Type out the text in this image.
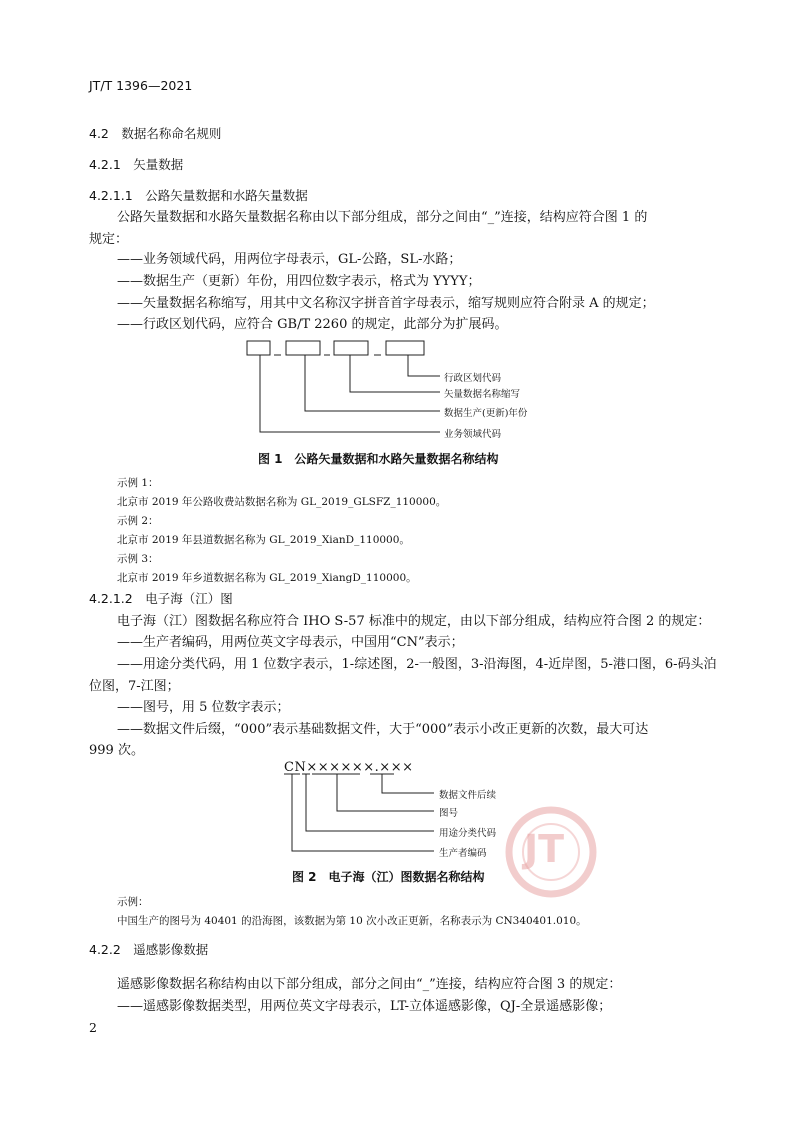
JT/T 1396—2021
4.2　数据名称命名规则
4.2.1　矢量数据
4.2.1.1　公路矢量数据和水路矢量数据
公路矢量数据和水路矢量数据名称由以下部分组成，部分之间由“_”连接，结构应符合图 1 的
规定：
——业务领域代码，用两位字母表示，GL-公路，SL-水路；
——数据生产（更新）年份，用四位数字表示，格式为 YYYY；
——矢量数据名称缩写，用其中文名称汉字拼音首字母表示，缩写规则应符合附录 A 的规定；
——行政区划代码，应符合 GB/T 2260 的规定，此部分为扩展码。
行政区划代码
矢量数据名称缩写
数据生产(更新)年份
业务领域代码
图 1　公路矢量数据和水路矢量数据名称结构
示例 1：
北京市 2019 年公路收费站数据名称为 GL_2019_GLSFZ_110000。
示例 2：
北京市 2019 年县道数据名称为 GL_2019_XianD_110000。
示例 3：
北京市 2019 年乡道数据名称为 GL_2019_XiangD_110000。
4.2.1.2　电子海（江）图
电子海（江）图数据名称应符合 IHO S-57 标准中的规定，由以下部分组成，结构应符合图 2 的规定：
——生产者编码，用两位英文字母表示，中国用“CN”表示；
——用途分类代码，用 1 位数字表示，1-综述图，2-一般图，3-沿海图，4-近岸图，5-港口图，6-码头泊
位图，7-江图；
——图号，用 5 位数字表示；
——数据文件后缀，“000”表示基础数据文件，大于“000”表示小改正更新的次数，最大可达
999 次。
JT
CN××××××.×××
数据文件后续
图号
用途分类代码
生产者编码
图 2　电子海（江）图数据名称结构
示例：
中国生产的图号为 40401 的沿海图，该数据为第 10 次小改正更新，名称表示为 CN340401.010。
4.2.2　遥感影像数据
遥感影像数据名称结构由以下部分组成，部分之间由“_”连接，结构应符合图 3 的规定：
——遥感影像数据类型，用两位英文字母表示，LT-立体遥感影像，QJ-全景遥感影像；
2
